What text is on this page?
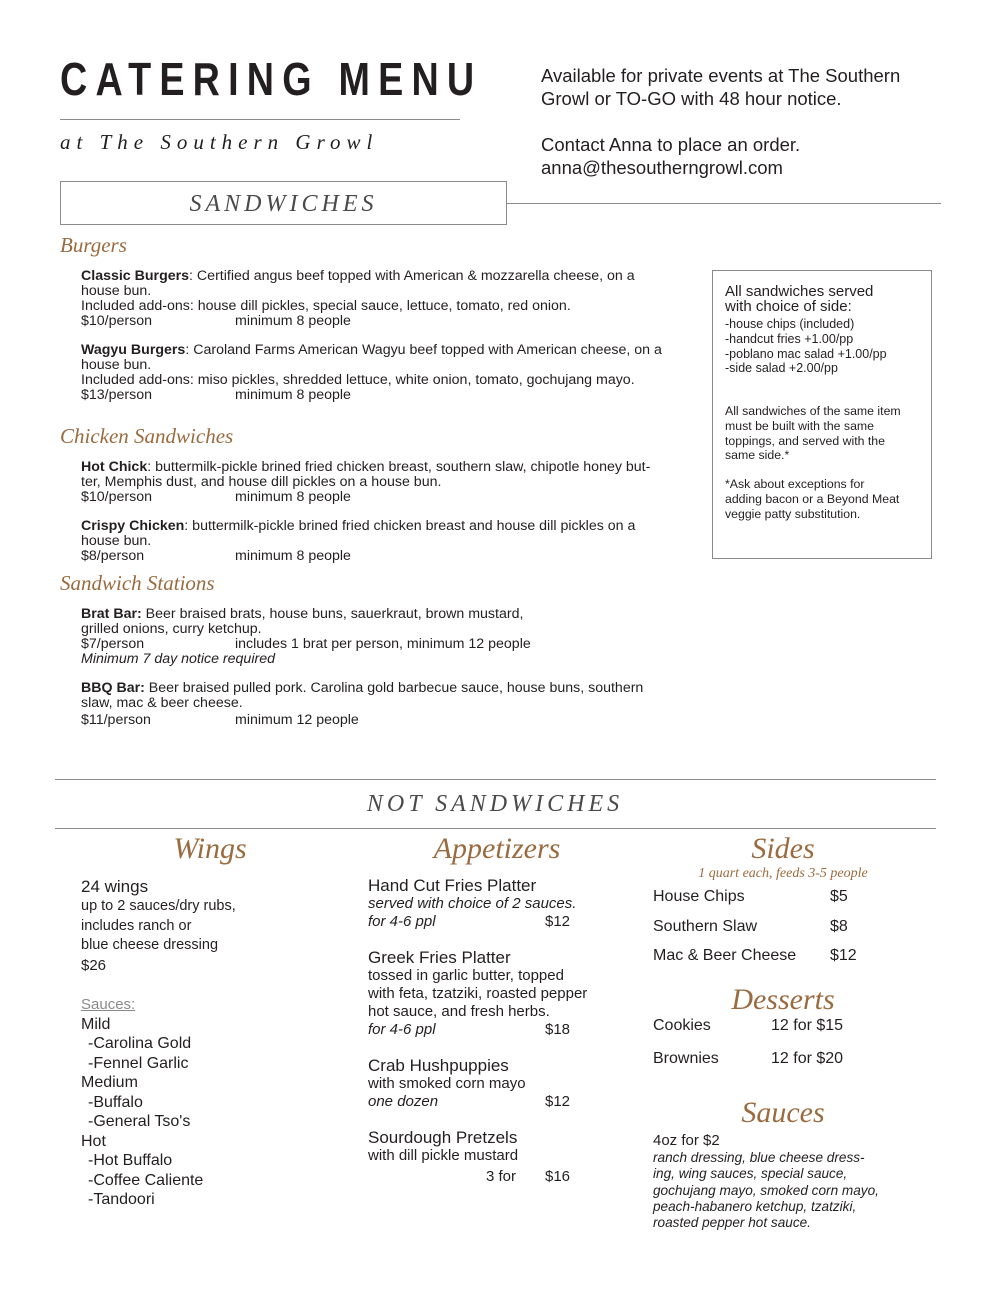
CATERING MENU
at The Southern Growl
Available for private events at The Southern
Growl or TO-GO with 48 hour notice.
Contact Anna to place an order.
anna@thesoutherngrowl.com
SANDWICHES
Burgers
Classic Burgers: Certified angus beef topped with American & mozzarella cheese, on a
house bun.
Included add-ons: house dill pickles, special sauce, lettuce, tomato, red onion.
$10/person	minimum 8 people
Wagyu Burgers: Caroland Farms American Wagyu beef topped with American cheese, on a
house bun.
Included add-ons: miso pickles, shredded lettuce, white onion, tomato, gochujang mayo.
$13/person	minimum 8 people
Chicken Sandwiches
Hot Chick: buttermilk-pickle brined fried chicken breast, southern slaw, chipotle honey but-
ter, Memphis dust, and house dill pickles on a house bun.
$10/person	minimum 8 people
Crispy Chicken: buttermilk-pickle brined fried chicken breast and house dill pickles on a
house bun.
$8/person	minimum 8 people
Sandwich Stations
Brat Bar: Beer braised brats, house buns, sauerkraut, brown mustard,
grilled onions, curry ketchup.
$7/person	includes 1 brat per person, minimum 12 people
Minimum 7 day notice required
BBQ Bar: Beer braised pulled pork. Carolina gold barbecue sauce, house buns, southern
slaw, mac & beer cheese.
$11/person	minimum 12 people
All sandwiches served
with choice of side:
-house chips (included)
-handcut fries +1.00/pp
-poblano mac salad +1.00/pp
-side salad +2.00/pp
All sandwiches of the same item
must be built with the same
toppings, and served with the
same side.*
*Ask about exceptions for
adding bacon or a Beyond Meat
veggie patty substitution.
NOT SANDWICHES
Wings
24 wings
up to 2 sauces/dry rubs,
includes ranch or
blue cheese dressing
$26
Sauces:
Mild
-Carolina Gold
-Fennel Garlic
Medium
-Buffalo
-General Tso's
Hot
-Hot Buffalo
-Coffee Caliente
-Tandoori
Appetizers
Hand Cut Fries Platter
served with choice of 2 sauces.
for 4-6 ppl	$12
Greek Fries Platter
tossed in garlic butter, topped
with feta, tzatziki, roasted pepper
hot sauce, and fresh herbs.
for 4-6 ppl	$18
Crab Hushpuppies
with smoked corn mayo
one dozen	$12
Sourdough Pretzels
with dill pickle mustard
3 for $16
Sides
1 quart each, feeds 3-5 people
House Chips	$5
Southern Slaw	$8
Mac & Beer Cheese $12
Desserts
Cookies	12 for $15
Brownies	12 for $20
Sauces
4oz for $2
ranch dressing, blue cheese dress-
ing, wing sauces, special sauce,
gochujang mayo, smoked corn mayo,
peach-habanero ketchup, tzatziki,
roasted pepper hot sauce.
